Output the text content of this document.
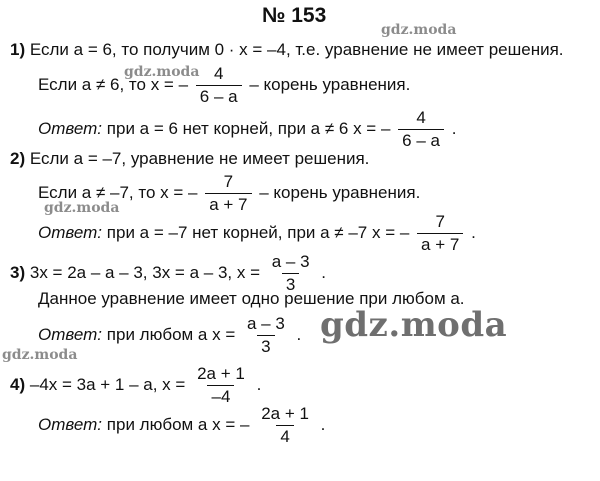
№ 153
gdz.moda
gdz.moda
gdz.moda
gdz.moda
gdz.moda
1) Если a = 6, то получим 0 · x = –4, т.е. уравнение не имеет решения.
Если a ≠ 6, то x = – $\frac{4}{6 - a}$ – корень уравнения.
Ответ: при a = 6 нет корней, при a ≠ 6 x = – $\frac{4}{6 - a}$ .
2) Если a = –7, уравнение не имеет решения.
Если a ≠ –7, то x = – $\frac{7}{a + 7}$ – корень уравнения.
Ответ: при a = –7 нет корней, при a ≠ –7 x = – $\frac{7}{a + 7}$ .
3) 3x = 2a – a – 3, 3x = a – 3, $x = \frac{a - 3}{3}$ .
Данное уравнение имеет одно решение при любом a.
Ответ: при любом a $x = \frac{a - 3}{3}$ .
4) –4x = 3a + 1 – a, $x = \frac{2a + 1}{-4}$ .
Ответ: при любом a x = – $\frac{2a + 1}{4}$ .
